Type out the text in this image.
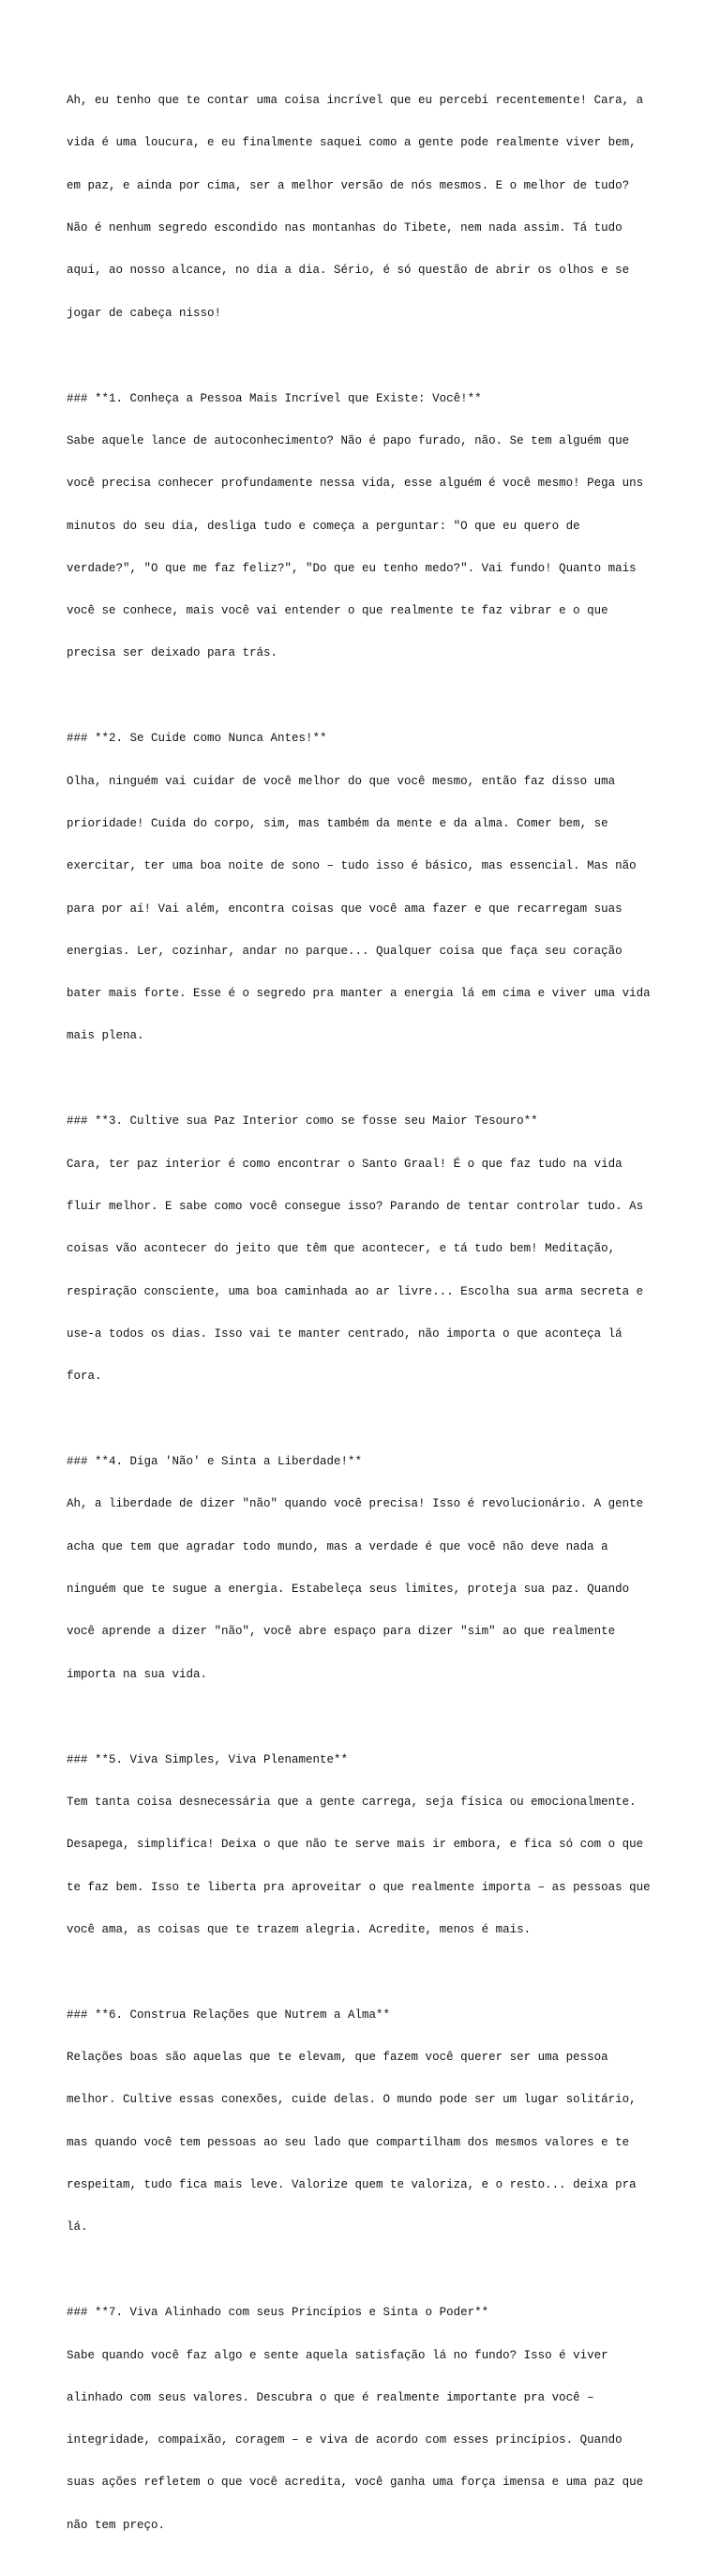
Ah, eu tenho que te contar uma coisa incrível que eu percebi recentemente! Cara, a

vida é uma loucura, e eu finalmente saquei como a gente pode realmente viver bem,

em paz, e ainda por cima, ser a melhor versão de nós mesmos. E o melhor de tudo?

Não é nenhum segredo escondido nas montanhas do Tibete, nem nada assim. Tá tudo

aqui, ao nosso alcance, no dia a dia. Sério, é só questão de abrir os olhos e se

jogar de cabeça nisso!

### **1. Conheça a Pessoa Mais Incrível que Existe: Você!**

Sabe aquele lance de autoconhecimento? Não é papo furado, não. Se tem alguém que

você precisa conhecer profundamente nessa vida, esse alguém é você mesmo! Pega uns

minutos do seu dia, desliga tudo e começa a perguntar: "O que eu quero de

verdade?", "O que me faz feliz?", "Do que eu tenho medo?". Vai fundo! Quanto mais

você se conhece, mais você vai entender o que realmente te faz vibrar e o que

precisa ser deixado para trás.

### **2. Se Cuide como Nunca Antes!**

Olha, ninguém vai cuidar de você melhor do que você mesmo, então faz disso uma

prioridade! Cuida do corpo, sim, mas também da mente e da alma. Comer bem, se

exercitar, ter uma boa noite de sono – tudo isso é básico, mas essencial. Mas não

para por aí! Vai além, encontra coisas que você ama fazer e que recarregam suas

energias. Ler, cozinhar, andar no parque... Qualquer coisa que faça seu coração

bater mais forte. Esse é o segredo pra manter a energia lá em cima e viver uma vida

mais plena.

### **3. Cultive sua Paz Interior como se fosse seu Maior Tesouro**

Cara, ter paz interior é como encontrar o Santo Graal! É o que faz tudo na vida

fluir melhor. E sabe como você consegue isso? Parando de tentar controlar tudo. As

coisas vão acontecer do jeito que têm que acontecer, e tá tudo bem! Meditação,

respiração consciente, uma boa caminhada ao ar livre... Escolha sua arma secreta e

use-a todos os dias. Isso vai te manter centrado, não importa o que aconteça lá

fora.

### **4. Diga 'Não' e Sinta a Liberdade!**

Ah, a liberdade de dizer "não" quando você precisa! Isso é revolucionário. A gente

acha que tem que agradar todo mundo, mas a verdade é que você não deve nada a

ninguém que te sugue a energia. Estabeleça seus limites, proteja sua paz. Quando

você aprende a dizer "não", você abre espaço para dizer "sim" ao que realmente

importa na sua vida.

### **5. Viva Simples, Viva Plenamente**

Tem tanta coisa desnecessária que a gente carrega, seja física ou emocionalmente.

Desapega, simplifica! Deixa o que não te serve mais ir embora, e fica só com o que

te faz bem. Isso te liberta pra aproveitar o que realmente importa – as pessoas que

você ama, as coisas que te trazem alegria. Acredite, menos é mais.

### **6. Construa Relações que Nutrem a Alma**

Relações boas são aquelas que te elevam, que fazem você querer ser uma pessoa

melhor. Cultive essas conexões, cuide delas. O mundo pode ser um lugar solitário,

mas quando você tem pessoas ao seu lado que compartilham dos mesmos valores e te

respeitam, tudo fica mais leve. Valorize quem te valoriza, e o resto... deixa pra

lá.

### **7. Viva Alinhado com seus Princípios e Sinta o Poder**

Sabe quando você faz algo e sente aquela satisfação lá no fundo? Isso é viver

alinhado com seus valores. Descubra o que é realmente importante pra você –

integridade, compaixão, coragem – e viva de acordo com esses princípios. Quando

suas ações refletem o que você acredita, você ganha uma força imensa e uma paz que

não tem preço.
